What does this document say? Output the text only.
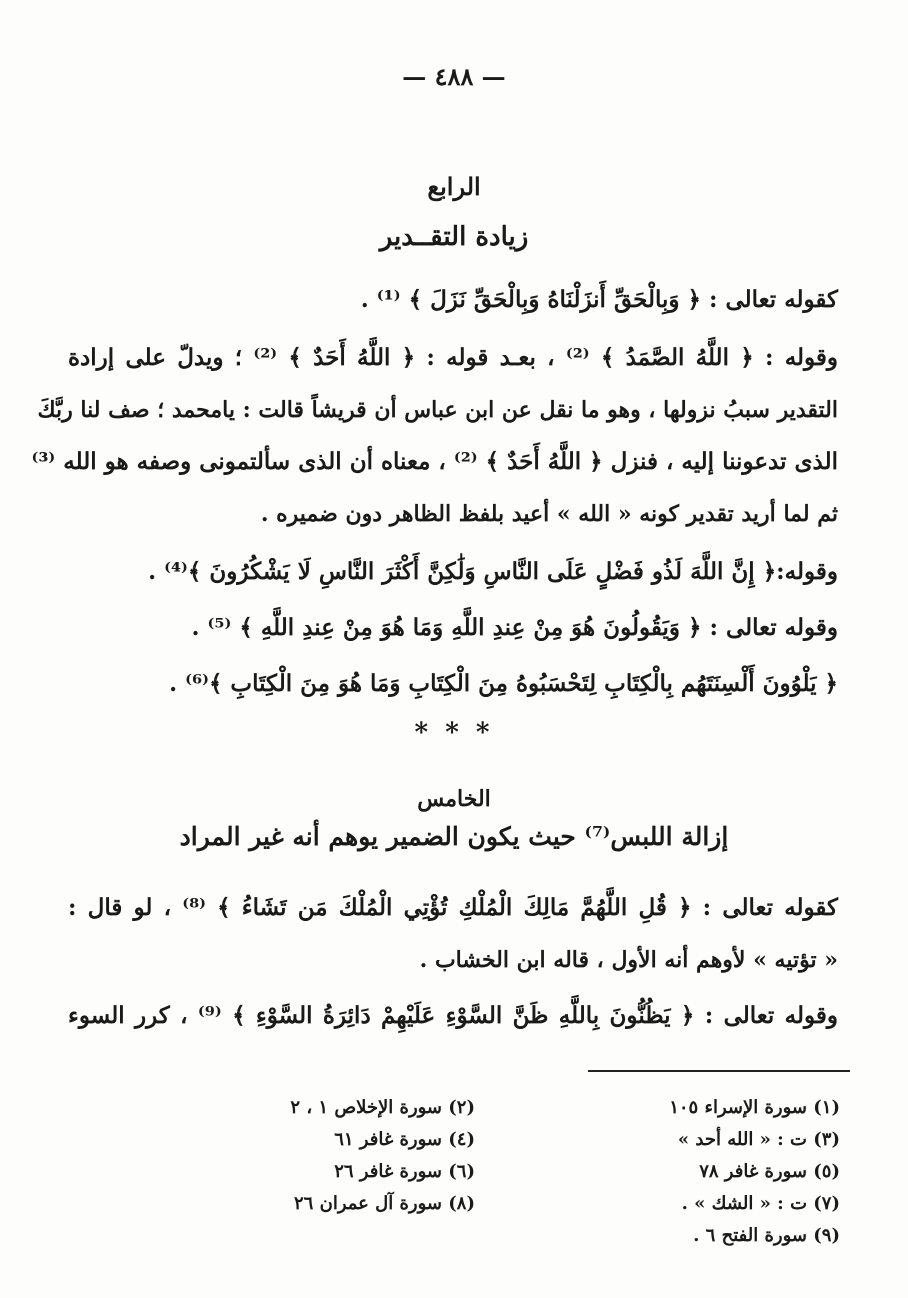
— ٤٨٨ —
الرابع
زيادة التقــدير
كقوله تعالى : ﴿ وَبِالْحَقِّ أَنزَلْنَاهُ وَبِالْحَقِّ نَزَلَ ﴾ ⁽¹⁾ .
وقوله : ﴿ اللَّهُ الصَّمَدُ ﴾ ⁽²⁾ ، بعـد قوله : ﴿ اللَّهُ أَحَدٌ ﴾ ⁽²⁾ ؛ ويدلّ على إرادة
التقدير سببُ نزولها ، وهو ما نقل عن ابن عباس أن قريشاً قالت : يامحمد ؛ صف لنا ربَّكَ
الذى تدعوننا إليه ، فنزل ﴿ اللَّهُ أَحَدٌ ﴾ ⁽²⁾ ، معناه أن الذى سألتمونى وصفه هو الله ⁽³⁾
ثم لما أريد تقدير كونه « الله » أعيد بلفظ الظاهر دون ضميره .
وقوله:﴿ إِنَّ اللَّهَ لَذُو فَضْلٍ عَلَى النَّاسِ وَلَٰكِنَّ أَكْثَرَ النَّاسِ لَا يَشْكُرُونَ ﴾⁽⁴⁾ .
وقوله تعالى : ﴿ وَيَقُولُونَ هُوَ مِنْ عِندِ اللَّهِ وَمَا هُوَ مِنْ عِندِ اللَّهِ ﴾ ⁽⁵⁾ .
﴿ يَلْوُونَ أَلْسِنَتَهُم بِالْكِتَابِ لِتَحْسَبُوهُ مِنَ الْكِتَابِ وَمَا هُوَ مِنَ الْكِتَابِ ﴾⁽⁶⁾ .
* * *
الخامس
إزالة اللبس⁽⁷⁾ حيث يكون الضمير يوهم أنه غير المراد
كقوله تعالى : ﴿ قُلِ اللَّهُمَّ مَالِكَ الْمُلْكِ تُؤْتِي الْمُلْكَ مَن تَشَاءُ ﴾ ⁽⁸⁾ ، لو قال :
« تؤتيه » لأوهم أنه الأول ، قاله ابن الخشاب .
وقوله تعالى : ﴿ يَظُنُّونَ بِاللَّهِ ظَنَّ السَّوْءِ عَلَيْهِمْ دَائِرَةُ السَّوْءِ ﴾ ⁽⁹⁾ ، كرر السوء
(١) سورة الإسراء ١٠٥
(٣) ت : « الله أحد »
(٥) سورة غافر ٧٨
(٧) ت : « الشك » .
(٩) سورة الفتح ٦ .
(٢) سورة الإخلاص ١ ، ٢
(٤) سورة غافر ٦١
(٦) سورة غافر ٢٦
(٨) سورة آل عمران ٢٦
